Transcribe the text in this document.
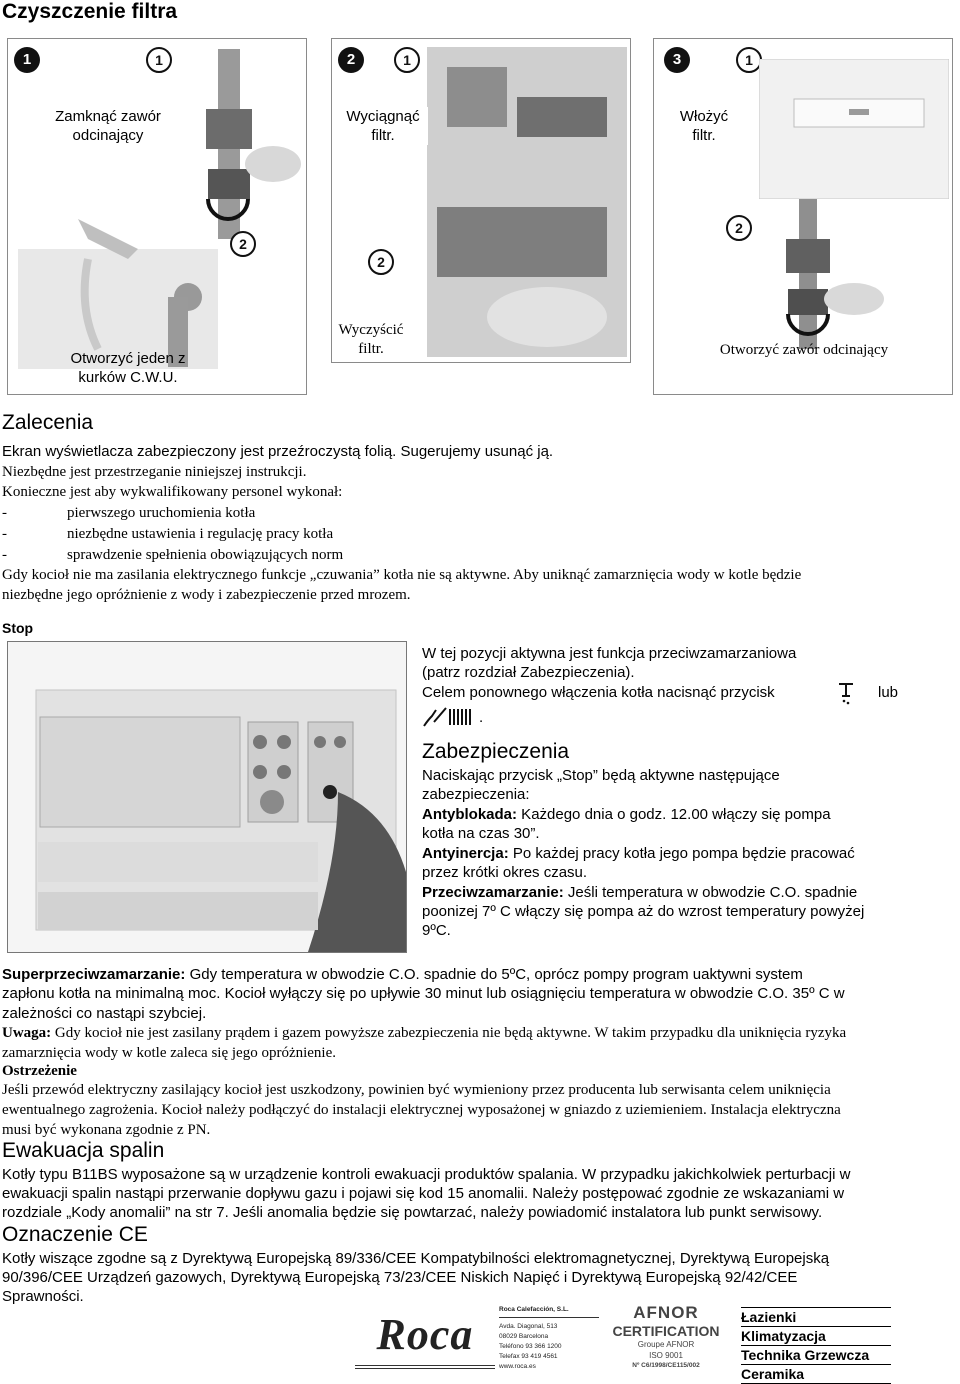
Czyszczenie filtra
1	1
Zamknąć zawór
odcinający
2
Otworzyć jeden z
kurków C.W.U.
2	1
Wyciągnąć
filtr.
2
Wyczyścić
filtr.
3	1
Włożyć
filtr.
2
Otworzyć zawór odcinający
Zalecenia
Ekran wyświetlacza zabezpieczony jest przeźroczystą folią. Sugerujemy usunąć ją.
Niezbędne jest przestrzeganie niniejszej instrukcji.
Konieczne jest aby wykwalifikowany personel wykonał:
-	pierwszego uruchomienia kotła
-	niezbędne ustawienia i regulację pracy kotła
-	sprawdzenie spełnienia obowiązujących norm
Gdy kocioł nie ma zasilania elektrycznego funkcje „czuwania” kotła nie są aktywne. Aby uniknąć zamarznięcia wody w kotle będzie
niezbędne jego opróżnienie z wody i zabezpieczenie przed mrozem.
Stop
W tej pozycji aktywna jest funkcja przeciwzamarzaniowa
(patrz rozdział Zabezpieczenia).
Celem ponownego włączenia kotła nacisnąć przycisk	lub
.
Zabezpieczenia
Naciskając przycisk „Stop” będą aktywne następujące
zabezpieczenia:
Antyblokada: Każdego dnia o godz. 12.00 włączy się pompa
kotła na czas 30”.
Antyinercja: Po każdej pracy kotła jego pompa będzie pracować
przez krótki okres czasu.
Przeciwzamarzanie: Jeśli temperatura w obwodzie C.O. spadnie
poonizej 7º C włączy się pompa aż do wzrost temperatury powyżej
9ºC.
Superprzeciwzamarzanie: Gdy temperatura w obwodzie C.O. spadnie do 5ºC, oprócz pompy program uaktywni system
zapłonu kotła na minimalną moc. Kocioł wyłączy się po upływie 30 minut lub osiągnięciu temperatura w obwodzie C.O. 35º C w
zależności co nastąpi szybciej.
Uwaga: Gdy kocioł nie jest zasilany prądem i gazem powyższe zabezpieczenia nie będą aktywne. W takim przypadku dla uniknięcia ryzyka
zamarznięcia wody w kotle zaleca się jego opróżnienie.
Ostrzeżenie
Jeśli przewód elektryczny zasilający kocioł jest uszkodzony, powinien być wymieniony przez producenta lub serwisanta celem uniknięcia
ewentualnego zagrożenia. Kocioł należy podłączyć do instalacji elektrycznej wyposażonej w gniazdo z uziemieniem. Instalacja elektryczna
musi być wykonana zgodnie z PN.
Ewakuacja spalin
Kotły typu B11BS wyposażone są w urządzenie kontroli ewakuacji produktów spalania. W przypadku jakichkolwiek perturbacji w
ewakuacji spalin nastąpi przerwanie dopływu gazu i pojawi się kod 15 anomalii. Należy postępować zgodnie ze wskazaniami w
rozdziale „Kody anomalii” na str 7. Jeśli anomalia będzie się powtarzać, należy powiadomić instalatora lub punkt serwisowy.
Oznaczenie CE
Kotły wiszące zgodne są z Dyrektywą Europejską 89/336/CEE Kompatybilności elektromagnetycznej, Dyrektywą Europejską
90/396/CEE Urządzeń gazowych, Dyrektywą Europejską 73/23/CEE Niskich Napięć i Dyrektywą Europejską 92/42/CEE
Sprawności.
Roca
Roca Calefacción, S.L.
Avda. Diagonal, 513
08029 Barcelona
Teléfono 93 366 1200
Telefax 93 419 4561
www.roca.es
AFNOR
CERTIFICATION
Groupe AFNOR
ISO 9001
Nº C6/1998/CE115/002
Łazienki
Klimatyzacja
Technika Grzewcza
Ceramika
